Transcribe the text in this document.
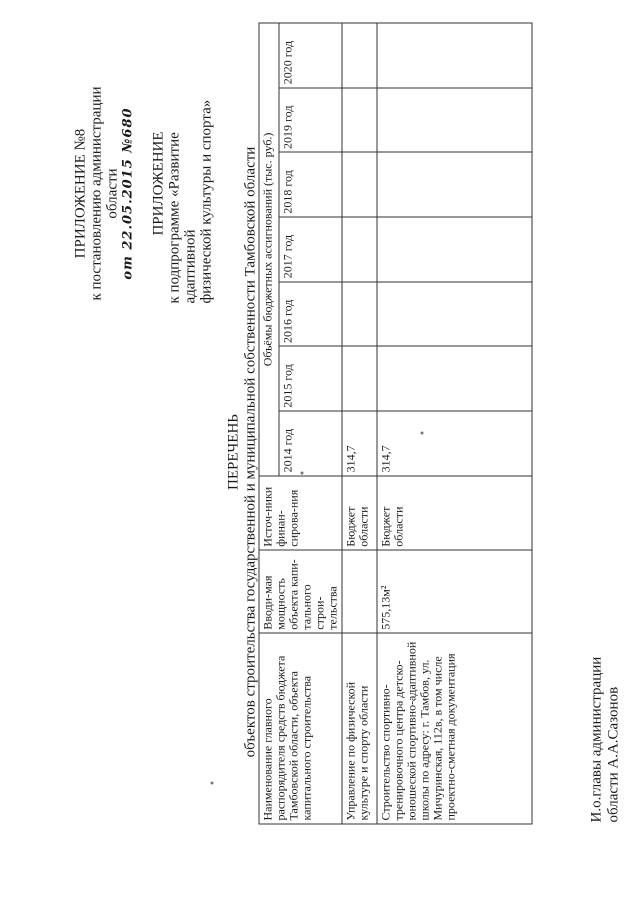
ПРИЛОЖЕНИЕ №8 к постановлению администрации области от 22.05.2015 №680 ПРИЛОЖЕНИЕ к подпрограмме «Развитие адаптивной физической культуры и спорта»
ПЕРЕЧЕНЬ объектов строительства государственной и муниципальной собственности Тамбовской области
Наименование главного распорядителя средств бюджета Тамбовской области, объекта капитального строительства	Вводи-мая мощность объекта капи-тального строи-тельства	Источ-ники финан-сирова-ния	Объёмы бюджетных ассигнований (тыс. руб.)						
			2014 год	2015 год	2016 год	2017 год	2018 год	2019 год	2020 год
Управление по физической культуре и спорту области		Бюджет области	314,7						
Строительство спортивно-тренировочного центра детско-юношеской спортивно-адаптивной школы по адресу: г. Тамбов, ул. Мичуринская, 112в, в том числе проектно-сметная документация	575,13м²	Бюджет области	314,7						
И.о.главы администрации области А.А.Сазонов
